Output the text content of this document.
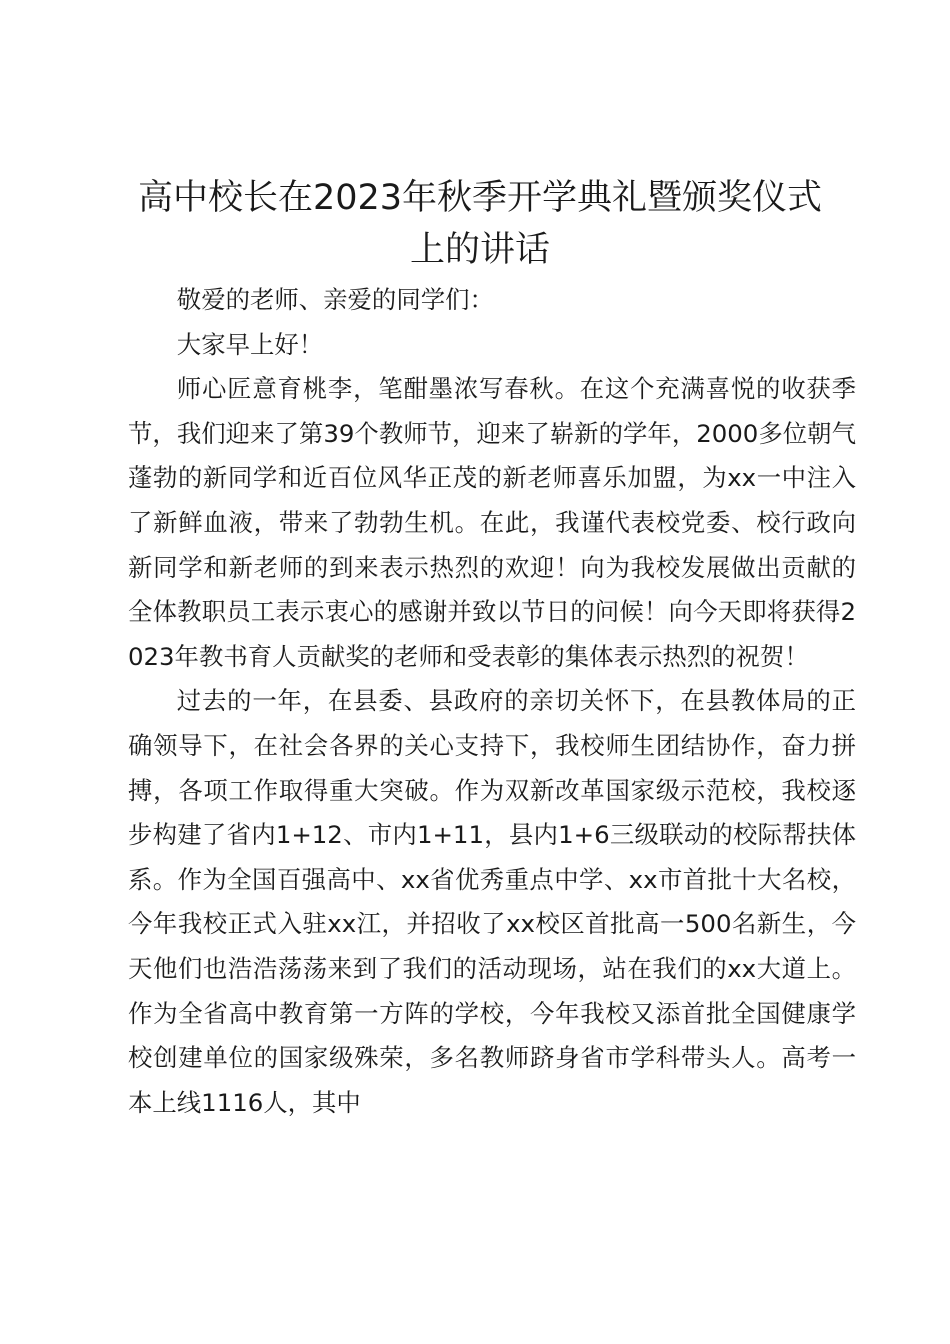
高中校长在2023年秋季开学典礼暨颁奖仪式上的讲话

敬爱的老师、亲爱的同学们：

大家早上好！

师心匠意育桃李，笔酣墨浓写春秋。在这个充满喜悦的收获季节，我们迎来了第39个教师节，迎来了崭新的学年，2000多位朝气蓬勃的新同学和近百位风华正茂的新老师喜乐加盟，为xx一中注入了新鲜血液，带来了勃勃生机。在此，我谨代表校党委、校行政向新同学和新老师的到来表示热烈的欢迎！向为我校发展做出贡献的全体教职员工表示衷心的感谢并致以节日的问候！向今天即将获得2023年教书育人贡献奖的老师和受表彰的集体表示热烈的祝贺！

过去的一年，在县委、县政府的亲切关怀下，在县教体局的正确领导下，在社会各界的关心支持下，我校师生团结协作，奋力拼搏，各项工作取得重大突破。作为双新改革国家级示范校，我校逐步构建了省内1+12、市内1+11，县内1+6三级联动的校际帮扶体系。作为全国百强高中、xx省优秀重点中学、xx市首批十大名校，今年我校正式入驻xx江，并招收了xx校区首批高一500名新生，今天他们也浩浩荡荡来到了我们的活动现场，站在我们的xx大道上。作为全省高中教育第一方阵的学校，今年我校又添首批全国健康学校创建单位的国家级殊荣，多名教师跻身省市学科带头人。高考一本上线1116人，其中
